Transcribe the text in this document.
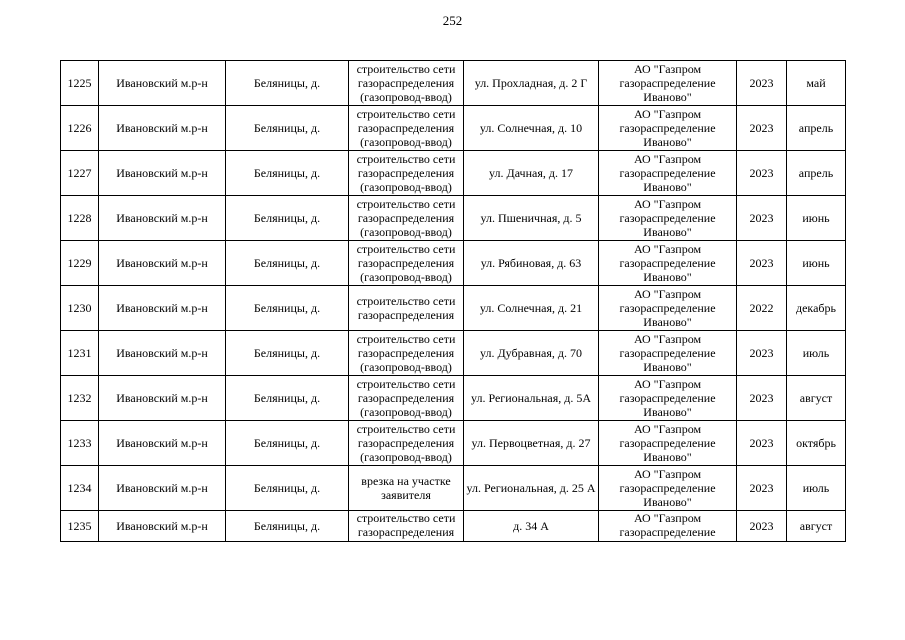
252
1225	Ивановский м.р-н	Беляницы, д.	строительство сети газораспределения (газопровод-ввод)	ул. Прохладная, д. 2 Г	АО "Газпром газораспределение Иваново"	2023	май
1226	Ивановский м.р-н	Беляницы, д.	строительство сети газораспределения (газопровод-ввод)	ул. Солнечная, д. 10	АО "Газпром газораспределение Иваново"	2023	апрель
1227	Ивановский м.р-н	Беляницы, д.	строительство сети газораспределения (газопровод-ввод)	ул. Дачная, д. 17	АО "Газпром газораспределение Иваново"	2023	апрель
1228	Ивановский м.р-н	Беляницы, д.	строительство сети газораспределения (газопровод-ввод)	ул. Пшеничная, д. 5	АО "Газпром газораспределение Иваново"	2023	июнь
1229	Ивановский м.р-н	Беляницы, д.	строительство сети газораспределения (газопровод-ввод)	ул. Рябиновая, д. 63	АО "Газпром газораспределение Иваново"	2023	июнь
1230	Ивановский м.р-н	Беляницы, д.	строительство сети газораспределения	ул. Солнечная, д. 21	АО "Газпром газораспределение Иваново"	2022	декабрь
1231	Ивановский м.р-н	Беляницы, д.	строительство сети газораспределения (газопровод-ввод)	ул. Дубравная, д. 70	АО "Газпром газораспределение Иваново"	2023	июль
1232	Ивановский м.р-н	Беляницы, д.	строительство сети газораспределения (газопровод-ввод)	ул. Региональная, д. 5А	АО "Газпром газораспределение Иваново"	2023	август
1233	Ивановский м.р-н	Беляницы, д.	строительство сети газораспределения (газопровод-ввод)	ул. Первоцветная, д. 27	АО "Газпром газораспределение Иваново"	2023	октябрь
1234	Ивановский м.р-н	Беляницы, д.	врезка на участке заявителя	ул. Региональная, д. 25 А	АО "Газпром газораспределение Иваново"	2023	июль
1235	Ивановский м.р-н	Беляницы, д.	строительство сети газораспределения	д. 34 А	АО "Газпром газораспределение	2023	август
